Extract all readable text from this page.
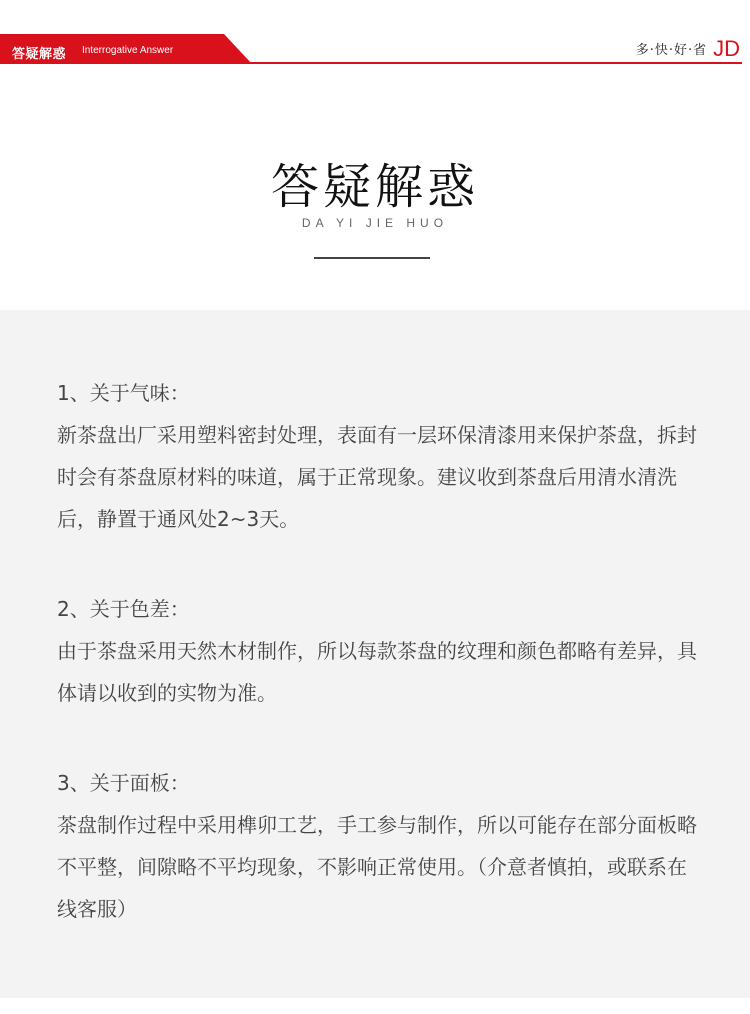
答疑解惑 Interrogative Answer	多·快·好·省 JD
答疑解惑
DA YI JIE HUO
1、关于气味：
新茶盘出厂采用塑料密封处理，表面有一层环保清漆用来保护茶盘，拆封时会有茶盘原材料的味道，属于正常现象。建议收到茶盘后用清水清洗后，静置于通风处2~3天。
2、关于色差：
由于茶盘采用天然木材制作，所以每款茶盘的纹理和颜色都略有差异，具体请以收到的实物为准。
3、关于面板：
茶盘制作过程中采用榫卯工艺，手工参与制作，所以可能存在部分面板略不平整，间隙略不平均现象，不影响正常使用。（介意者慎拍，或联系在线客服）
